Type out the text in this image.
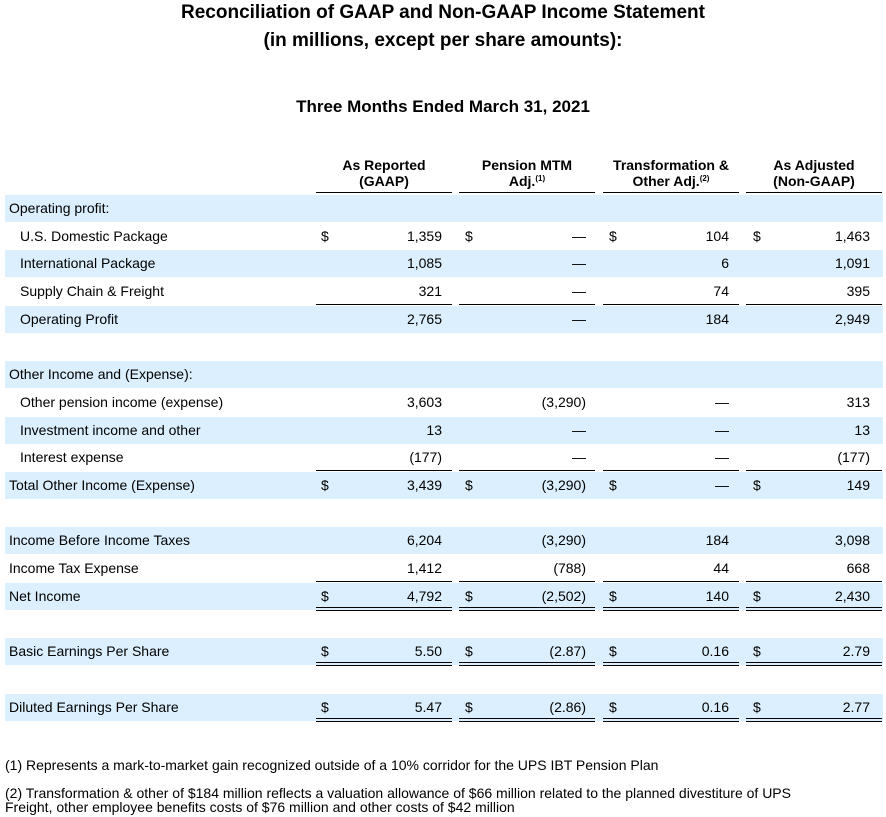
Reconciliation of GAAP and Non-GAAP Income Statement
(in millions, except per share amounts):
Three Months Ended March 31, 2021
As Reported
(GAAP)
Pension MTM
Adj.$^{(1)}$
Transformation &
Other Adj.$^{(2)}$
As Adjusted
(Non-GAAP)
Operating profit:
U.S. Domestic Package	$	1,359 $	— $	104 $	1,463
International Package	1,085	—	6	1,091
Supply Chain & Freight	321	—	74	395
Operating Profit	2,765	—	184	2,949
Other Income and (Expense):
Other pension income (expense)	3,603	(3,290)	—	313
Investment income and other	13	—	—	13
Interest expense	(177)	—	—	(177)
Total Other Income (Expense)	$	3,439 $	(3,290) $	— $	149
Income Before Income Taxes	6,204	(3,290)	184	3,098
Income Tax Expense	1,412	(788)	44	668
Net Income	$	4,792 $	(2,502) $	140 $	2,430
Basic Earnings Per Share	$	5.50 $	(2.87) $	0.16 $	2.79
Diluted Earnings Per Share	$	5.47 $	(2.86) $	0.16 $	2.77
(1) Represents a mark-to-market gain recognized outside of a 10% corridor for the UPS IBT Pension Plan
(2) Transformation & other of $184 million reflects a valuation allowance of $66 million related to the planned divestiture of UPS
Freight, other employee benefits costs of $76 million and other costs of $42 million
